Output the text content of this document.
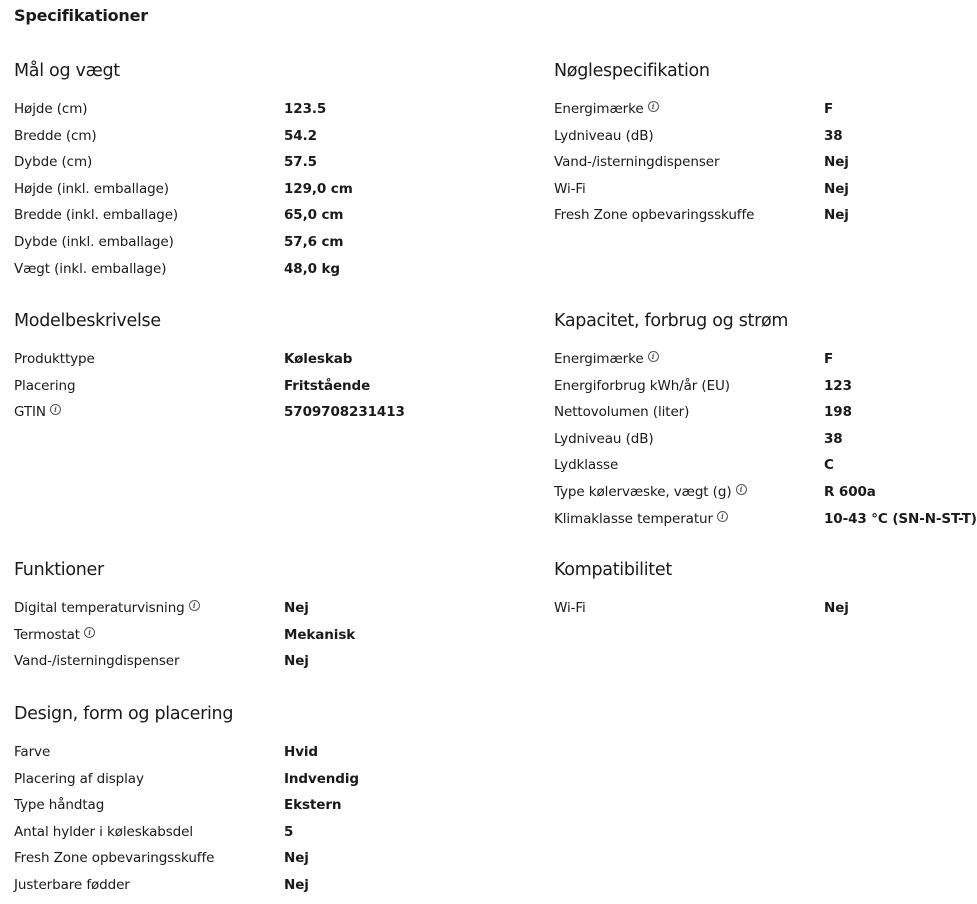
Specifikationer
Mål og vægt
Højde (cm)	123.5
Bredde (cm)	54.2
Dybde (cm)	57.5
Højde (inkl. emballage)	129,0 cm
Bredde (inkl. emballage)	65,0 cm
Dybde (inkl. emballage)	57,6 cm
Vægt (inkl. emballage)	48,0 kg
Nøglespecifikation
Energimærke i	F
Lydniveau (dB)	38
Vand-/isterningdispenser	Nej
Wi-Fi	Nej
Fresh Zone opbevaringsskuffe	Nej
Modelbeskrivelse
Produkttype	Køleskab
Placering	Fritstående
GTIN i	5709708231413
Kapacitet, forbrug og strøm
Energimærke i	F
Energiforbrug kWh/år (EU)	123
Nettovolumen (liter)	198
Lydniveau (dB)	38
Lydklasse	C
Type kølervæske, vægt (g) i	R 600a
Klimaklasse temperatur i	10-43 °C (SN-N-ST-T)
Funktioner
Digital temperaturvisning i	Nej
Termostat i	Mekanisk
Vand-/isterningdispenser	Nej
Kompatibilitet
Wi-Fi	Nej
Design, form og placering
Farve	Hvid
Placering af display	Indvendig
Type håndtag	Ekstern
Antal hylder i køleskabsdel	5
Fresh Zone opbevaringsskuffe	Nej
Justerbare fødder	Nej
